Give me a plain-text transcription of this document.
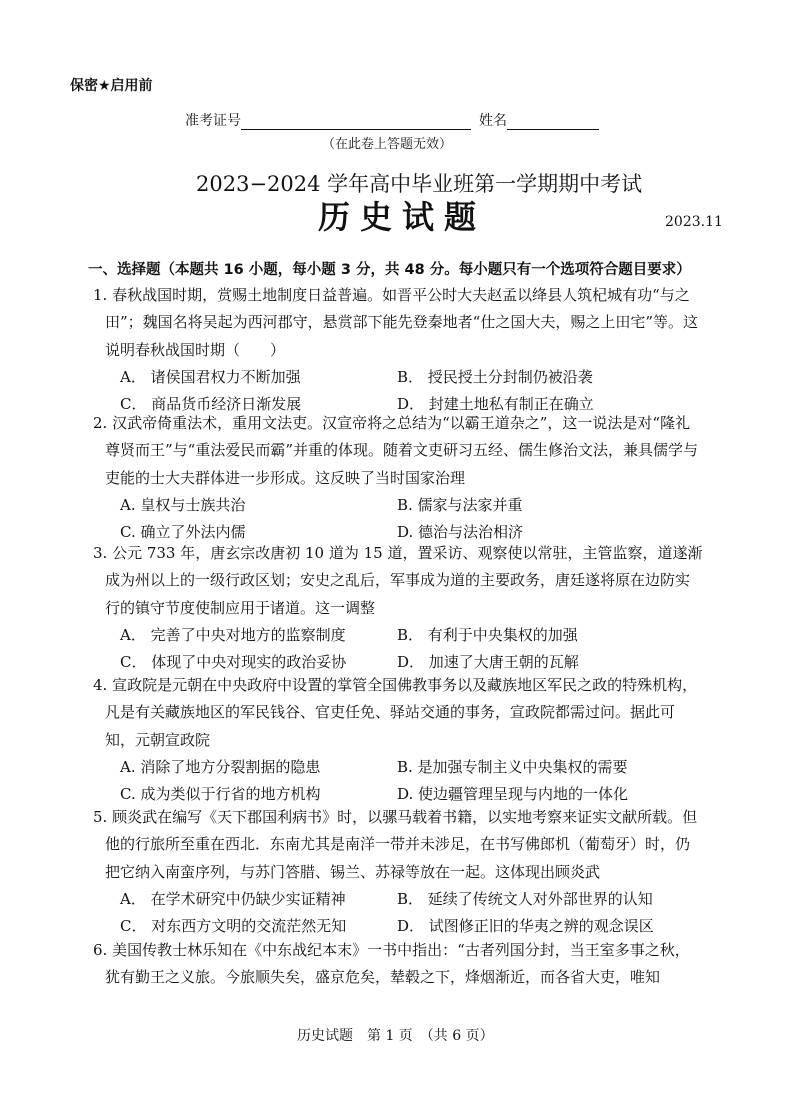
保密★启用前
准考证号	姓名
（在此卷上答题无效）
2023−2024 学年高中毕业班第一学期期中考试
历史试题	2023.11
一、选择题（本题共 16 小题，每小题 3 分，共 48 分。每小题只有一个选项符合题目要求）

1. 春秋战国时期，赏赐土地制度日益普遍。如晋平公时大夫赵孟以绛县人筑杞城有功“与之田”；魏国名将吴起为西河郡守，悬赏部下能先登秦地者“仕之国大夫，赐之上田宅”等。这说明春秋战国时期（　　）

A． 诸侯国君权力不断加强	B． 授民授土分封制仍被沿袭
C． 商品货币经济日渐发展	D． 封建土地私有制正在确立

2. 汉武帝倚重法术，重用文法吏。汉宣帝将之总结为“以霸王道杂之”，这一说法是对“隆礼尊贤而王”与“重法爱民而霸”并重的体现。随着文吏研习五经、儒生修治文法，兼具儒学与吏能的士大夫群体进一步形成。这反映了当时国家治理

A. 皇权与士族共治	B. 儒家与法家并重
C. 确立了外法内儒	D. 德治与法治相济

3. 公元 733 年，唐玄宗改唐初 10 道为 15 道，置采访、观察使以常驻，主管监察，道遂渐成为州以上的一级行政区划；安史之乱后，军事成为道的主要政务，唐廷遂将原在边防实行的镇守节度使制应用于诸道。这一调整

A． 完善了中央对地方的监察制度	B． 有利于中央集权的加强
C． 体现了中央对现实的政治妥协	D． 加速了大唐王朝的瓦解

4. 宣政院是元朝在中央政府中设置的掌管全国佛教事务以及藏族地区军民之政的特殊机构，凡是有关藏族地区的军民钱谷、官吏任免、驿站交通的事务，宣政院都需过问。据此可知，元朝宣政院

A. 消除了地方分裂割据的隐患	B. 是加强专制主义中央集权的需要
C. 成为类似于行省的地方机构	D. 使边疆管理呈现与内地的一体化

5. 顾炎武在编写《天下郡国利病书》时，以骡马载着书籍，以实地考察来证实文献所载。但他的行旅所至重在西北．东南尤其是南洋一带并未涉足，在书写佛郎机（葡萄牙）时，仍把它纳入南蛮序列，与苏门答腊、锡兰、苏禄等放在一起。这体现出顾炎武

A． 在学术研究中仍缺少实证精神	B． 延续了传统文人对外部世界的认知
C． 对东西方文明的交流茫然无知	D． 试图修正旧的华夷之辨的观念误区

6. 美国传教士林乐知在《中东战纪本末》一书中指出：“古者列国分封，当王室多事之秋，犹有勤王之义旅。今旅顺失矣，盛京危矣，辇毂之下，烽烟渐近，而各省大吏，唯知

历史试题　第 1 页　（共 6 页）
